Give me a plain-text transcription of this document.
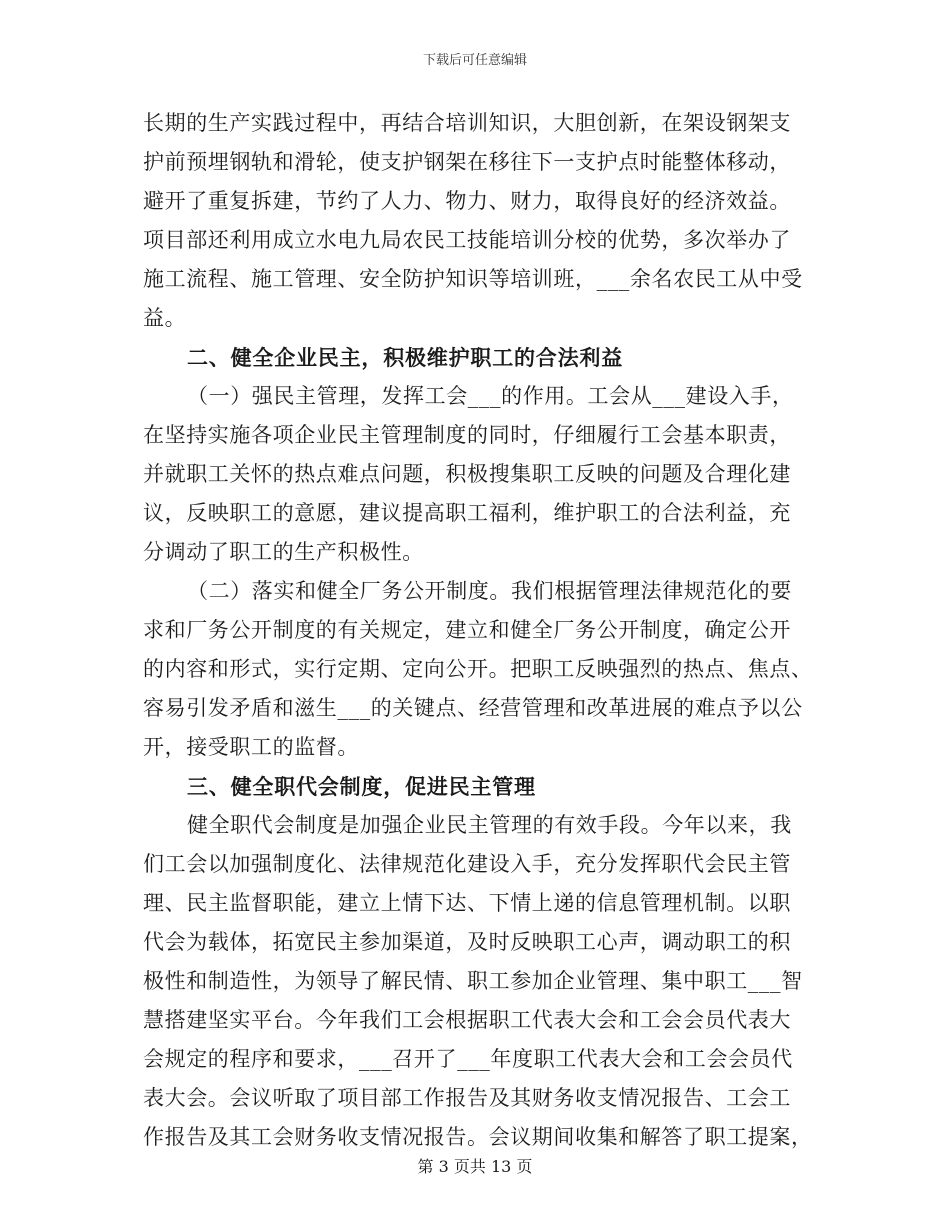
下载后可任意编辑
长期的生产实践过程中，再结合培训知识，大胆创新，在架设钢架支
护前预埋钢轨和滑轮，使支护钢架在移往下一支护点时能整体移动，
避开了重复拆建，节约了人力、物力、财力，取得良好的经济效益。
项目部还利用成立水电九局农民工技能培训分校的优势，多次举办了
施工流程、施工管理、安全防护知识等培训班，___余名农民工从中受
益。
二、健全企业民主，积极维护职工的合法利益
（一）强民主管理，发挥工会___的作用。工会从___建设入手，
在坚持实施各项企业民主管理制度的同时，仔细履行工会基本职责，
并就职工关怀的热点难点问题，积极搜集职工反映的问题及合理化建
议，反映职工的意愿，建议提高职工福利，维护职工的合法利益，充
分调动了职工的生产积极性。
（二）落实和健全厂务公开制度。我们根据管理法律规范化的要
求和厂务公开制度的有关规定，建立和健全厂务公开制度，确定公开
的内容和形式，实行定期、定向公开。把职工反映强烈的热点、焦点、
容易引发矛盾和滋生___的关键点、经营管理和改革进展的难点予以公
开，接受职工的监督。
三、健全职代会制度，促进民主管理
健全职代会制度是加强企业民主管理的有效手段。今年以来，我
们工会以加强制度化、法律规范化建设入手，充分发挥职代会民主管
理、民主监督职能，建立上情下达、下情上递的信息管理机制。以职
代会为载体，拓宽民主参加渠道，及时反映职工心声，调动职工的积
极性和制造性，为领导了解民情、职工参加企业管理、集中职工___智
慧搭建坚实平台。今年我们工会根据职工代表大会和工会会员代表大
会规定的程序和要求，___召开了___年度职工代表大会和工会会员代
表大会。会议听取了项目部工作报告及其财务收支情况报告、工会工
作报告及其工会财务收支情况报告。会议期间收集和解答了职工提案，
第 3 页共 13 页
